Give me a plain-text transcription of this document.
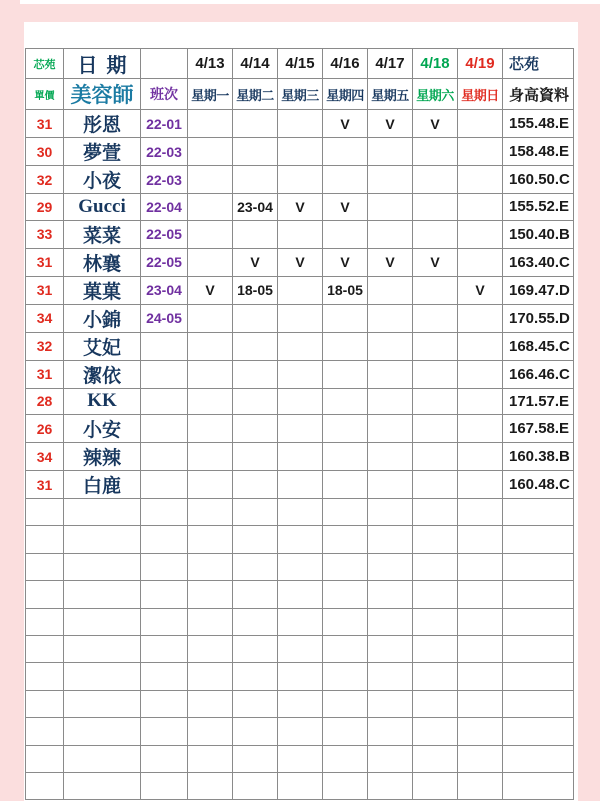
芯苑	日期		4/13	4/14	4/15	4/16	4/17	4/18	4/19	芯苑
單價	美容師	班次	星期一	星期二	星期三	星期四	星期五	星期六	星期日	身高資料
31	彤恩	22-01				V	V	V		155.48.E
30	夢萱	22-03								158.48.E
32	小夜	22-03								160.50.C
29	Gucci	22-04		23-04	V	V				155.52.E
33	菜菜	22-05								150.40.B
31	林襄	22-05		V	V	V	V	V		163.40.C
31	菓菓	23-04	V	18-05		18-05			V	169.47.D
34	小錦	24-05								170.55.D
32	艾妃									168.45.C
31	潔依									166.46.C
28	KK									171.57.E
26	小安									167.58.E
34	辣辣									160.38.B
31	白鹿									160.48.C
